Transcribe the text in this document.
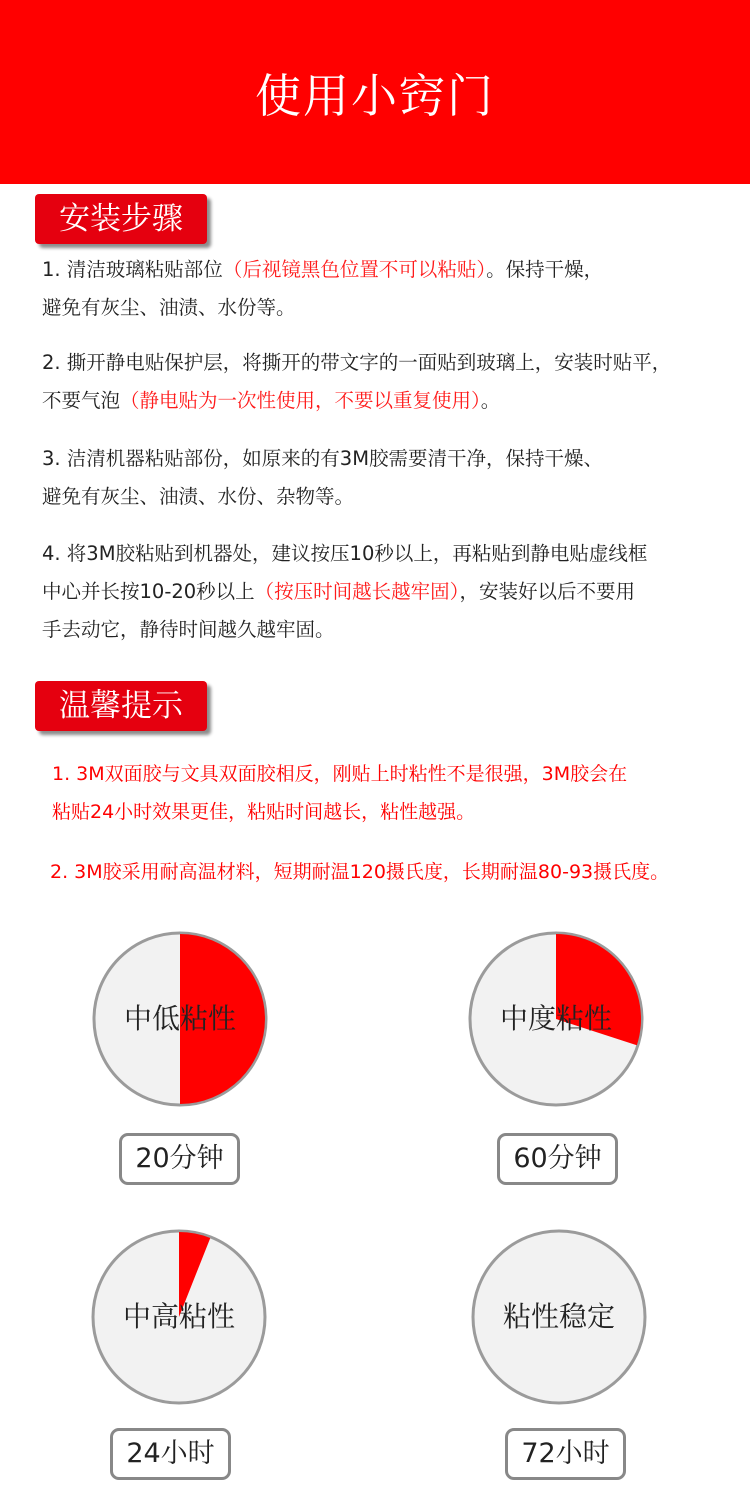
使用小窍门
安装步骤
1. 清洁玻璃粘贴部位（后视镜黑色位置不可以粘贴）。保持干燥，
避免有灰尘、油渍、水份等。
2. 撕开静电贴保护层，将撕开的带文字的一面贴到玻璃上，安装时贴平，
不要气泡（静电贴为一次性使用，不要以重复使用）。
3. 洁清机器粘贴部份，如原来的有3M胶需要清干净，保持干燥、
避免有灰尘、油渍、水份、杂物等。
4. 将3M胶粘贴到机器处，建议按压10秒以上，再粘贴到静电贴虚线框
中心并长按10-20秒以上（按压时间越长越牢固），安装好以后不要用
手去动它，静待时间越久越牢固。
温馨提示
1. 3M双面胶与文具双面胶相反，刚贴上时粘性不是很强，3M胶会在
粘贴24小时效果更佳，粘贴时间越长，粘性越强。
2. 3M胶采用耐高温材料，短期耐温120摄氏度，长期耐温80-93摄氏度。
中低粘性
20分钟
中度粘性
60分钟
中高粘性
24小时
粘性稳定
72小时
